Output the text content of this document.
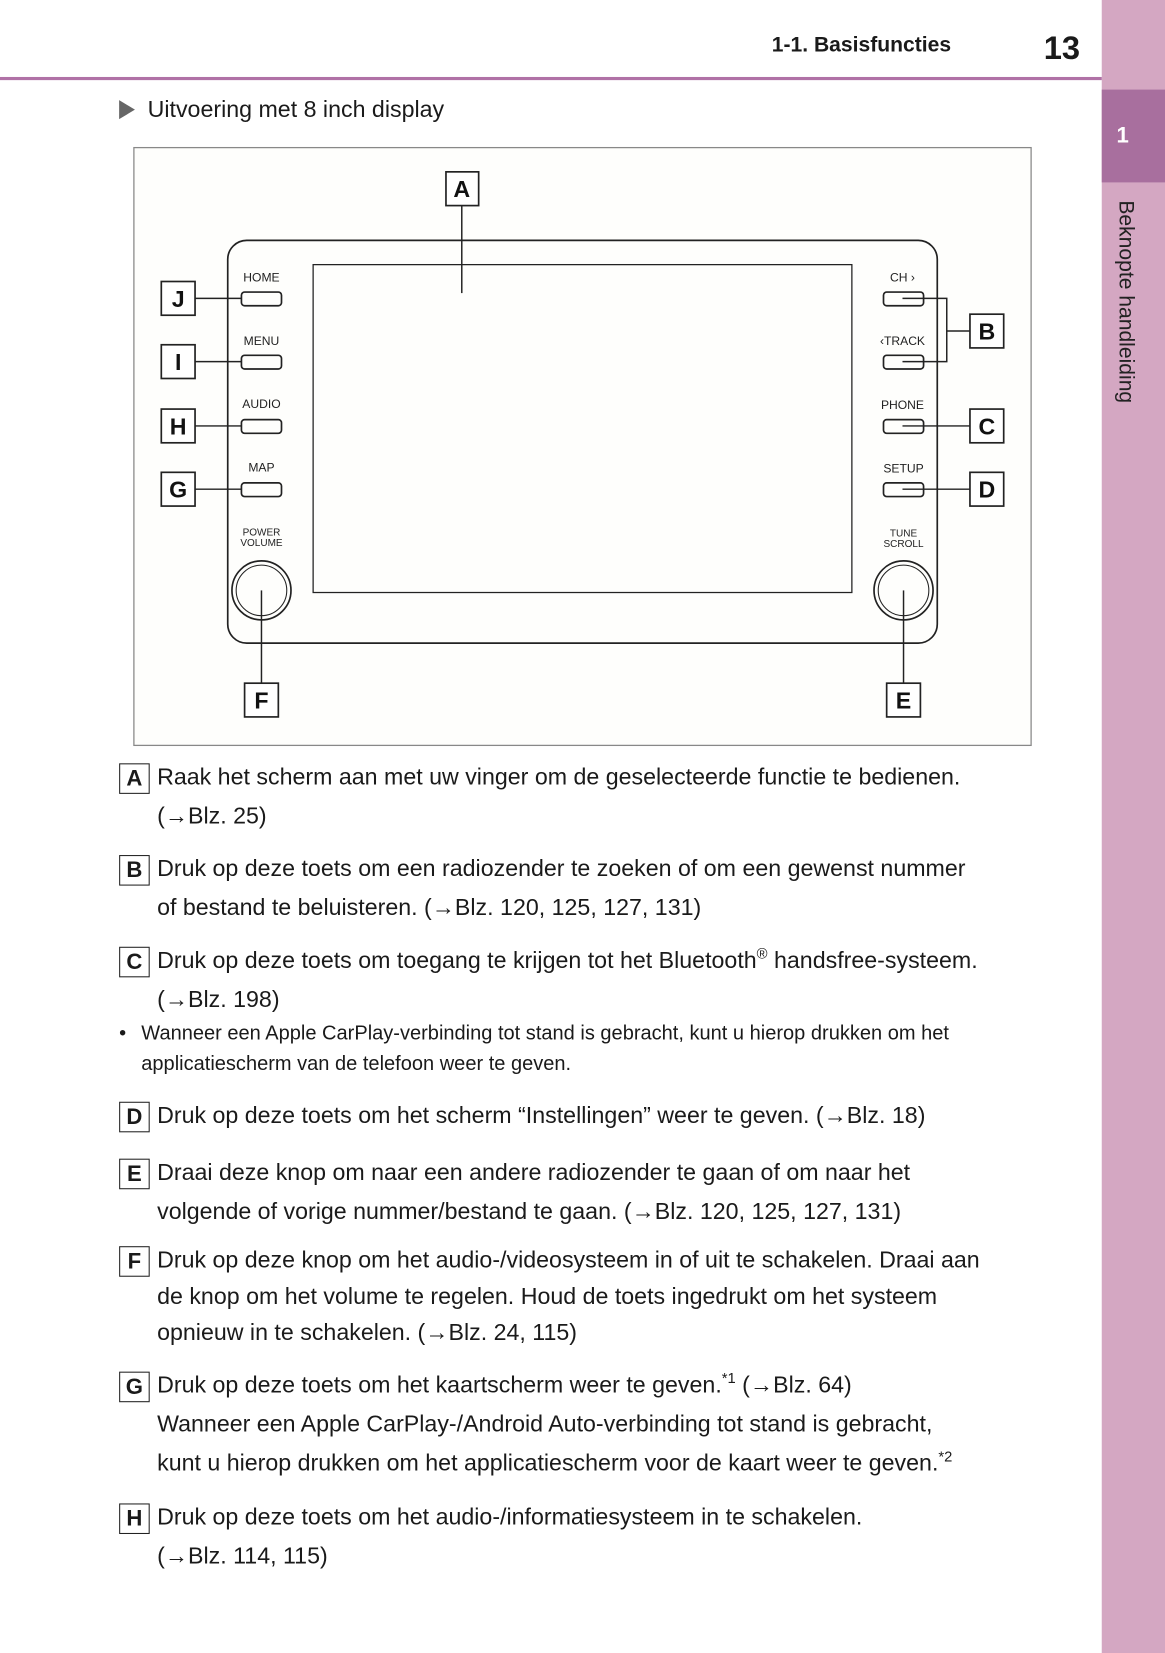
1
Beknopte handleiding
1-1. Basisfuncties	13
Uitvoering met 8 inch display
HOME
MENU
AUDIO
MAP
CH ›
‹TRACK
PHONE
SETUP
POWER
VOLUME
TUNE
SCROLL
A
J
I
H
G
B
C
D
F	E
A Raak het scherm aan met uw vinger om de geselecteerde functie te bedienen.
(→Blz. 25)
B Druk op deze toets om een radiozender te zoeken of om een gewenst nummer
of bestand te beluisteren. (→Blz. 120, 125, 127, 131)
C Druk op deze toets om toegang te krijgen tot het Bluetooth® handsfree-systeem.
(→Blz. 198)
• Wanneer een Apple CarPlay-verbinding tot stand is gebracht, kunt u hierop drukken om het
applicatiescherm van de telefoon weer te geven.
D Druk op deze toets om het scherm “Instellingen” weer te geven. (→Blz. 18)
E Draai deze knop om naar een andere radiozender te gaan of om naar het
volgende of vorige nummer/bestand te gaan. (→Blz. 120, 125, 127, 131)
F Druk op deze knop om het audio-/videosysteem in of uit te schakelen. Draai aan
de knop om het volume te regelen. Houd de toets ingedrukt om het systeem
opnieuw in te schakelen. (→Blz. 24, 115)
G Druk op deze toets om het kaartscherm weer te geven.$^{*1}$ (→Blz. 64)
Wanneer een Apple CarPlay-/Android Auto-verbinding tot stand is gebracht,
kunt u hierop drukken om het applicatiescherm voor de kaart weer te geven.$^{*2}$
H Druk op deze toets om het audio-/informatiesysteem in te schakelen.
(→Blz. 114, 115)
